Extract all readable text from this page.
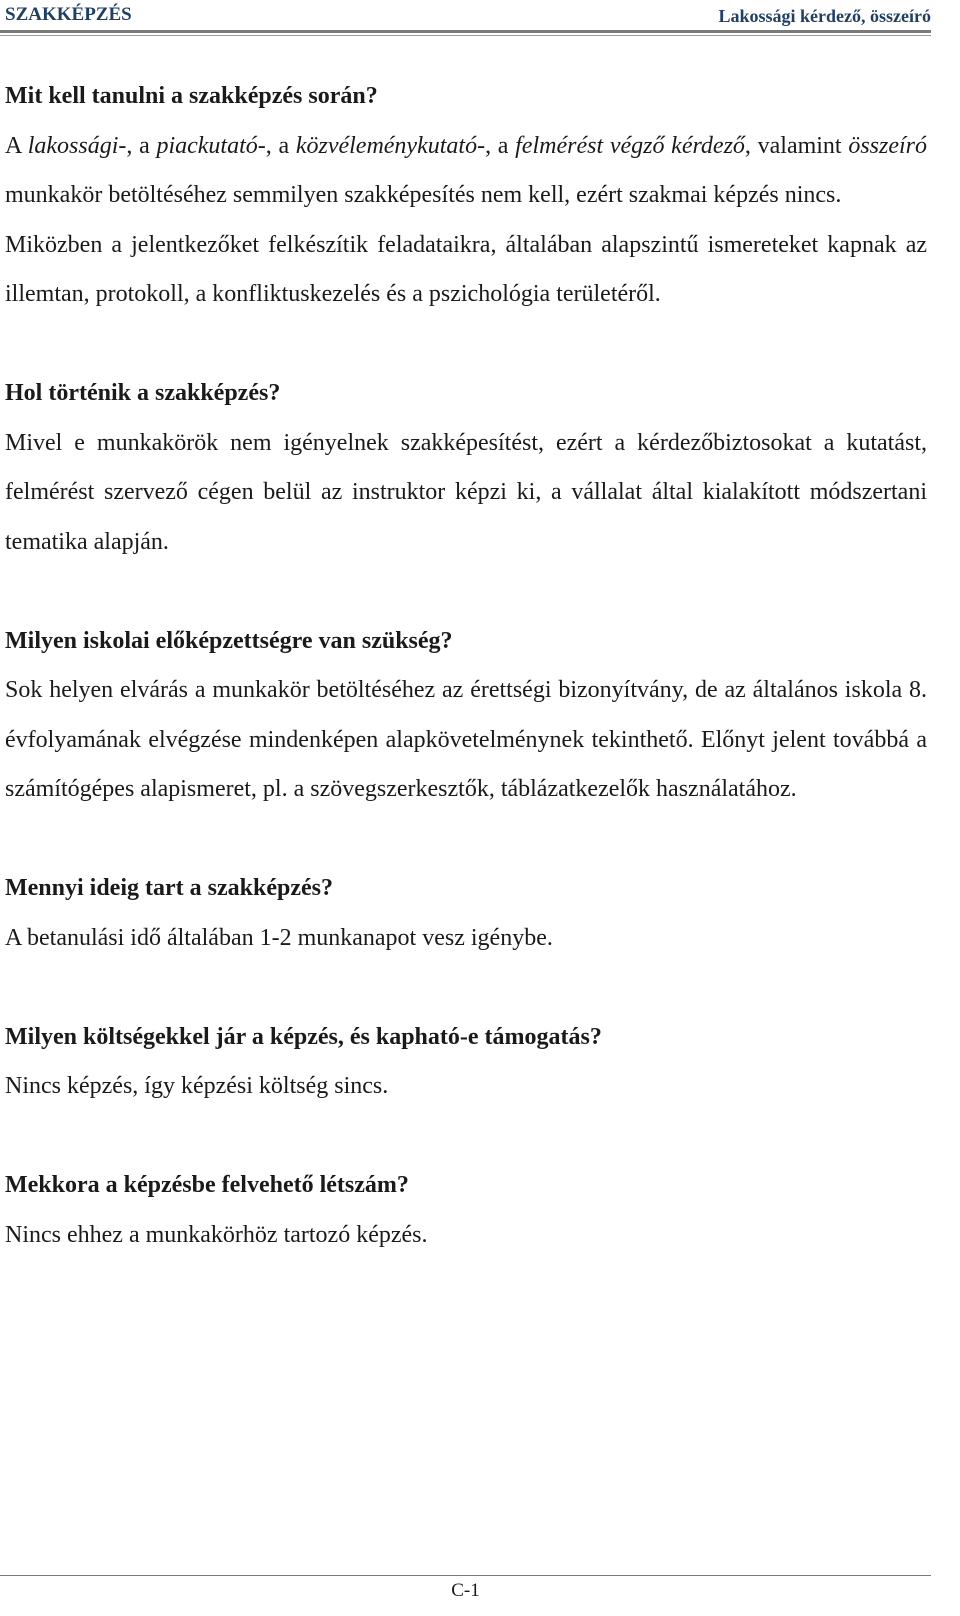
SZAKKÉPZÉS	Lakossági kérdező, összeíró

Mit kell tanulni a szakképzés során?

A lakossági-, a piackutató-, a közvéleménykutató-, a felmérést végző kérdező, valamint összeíró munkakör betöltéséhez semmilyen szakképesítés nem kell, ezért szakmai képzés nincs.

Miközben a jelentkezőket felkészítik feladataikra, általában alapszintű ismereteket kapnak az illemtan, protokoll, a konfliktuskezelés és a pszichológia területéről.

Hol történik a szakképzés?

Mivel e munkakörök nem igényelnek szakképesítést, ezért a kérdezőbiztosokat a kutatást, felmérést szervező cégen belül az instruktor képzi ki, a vállalat által kialakított módszertani tematika alapján.

Milyen iskolai előképzettségre van szükség?

Sok helyen elvárás a munkakör betöltéséhez az érettségi bizonyítvány, de az általános iskola 8. évfolyamának elvégzése mindenképen alapkövetelménynek tekinthető. Előnyt jelent továbbá a számítógépes alapismeret, pl. a szövegszerkesztők, táblázatkezelők használatához.

Mennyi ideig tart a szakképzés?

A betanulási idő általában 1-2 munkanapot vesz igénybe.

Milyen költségekkel jár a képzés, és kapható-e támogatás?

Nincs képzés, így képzési költség sincs.

Mekkora a képzésbe felvehető létszám?

Nincs ehhez a munkakörhöz tartozó képzés.

C-1
